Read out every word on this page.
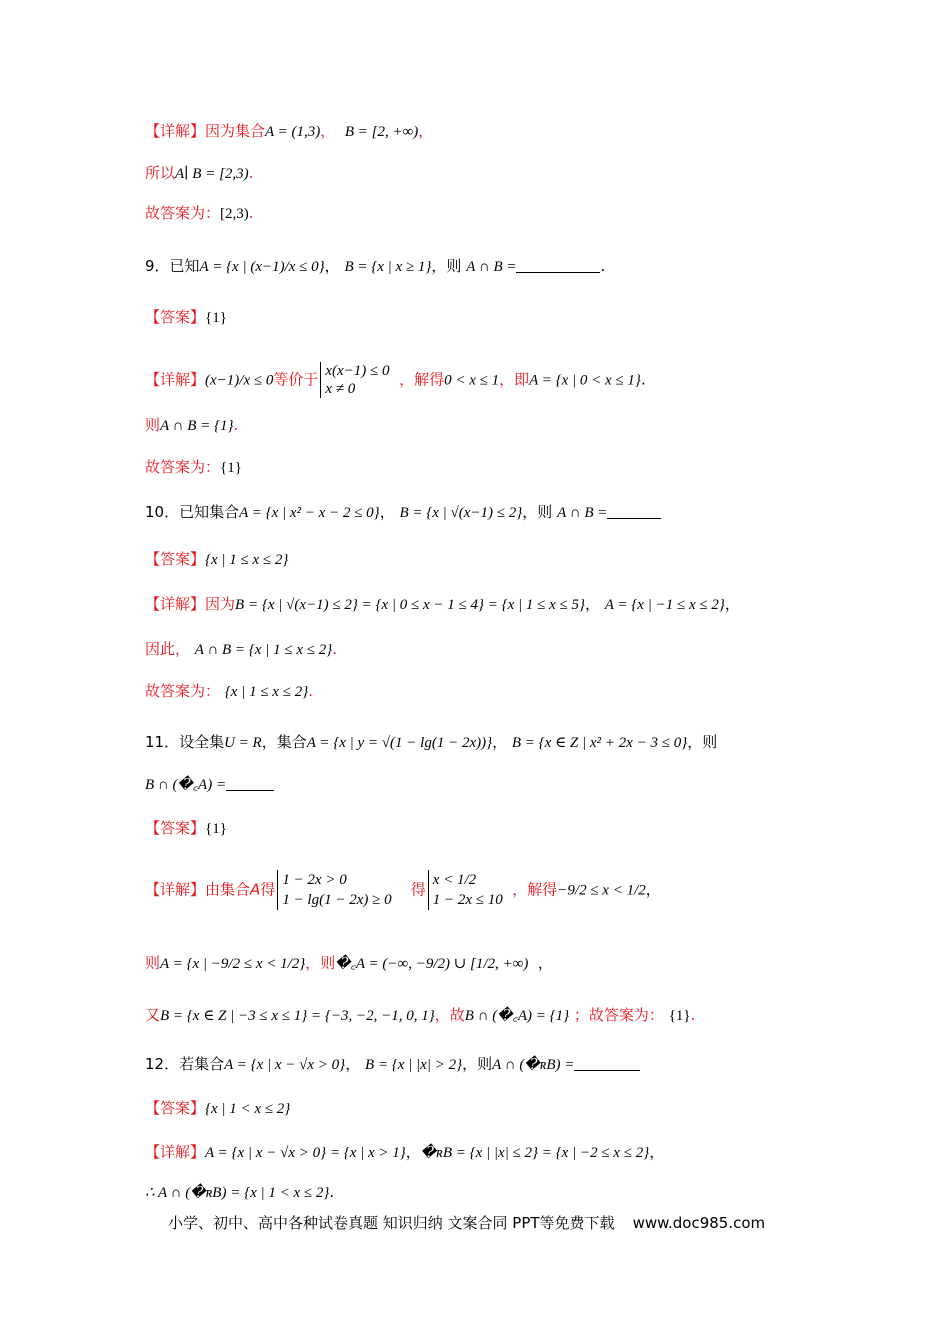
【详解】因为集合A = (1,3)， B = [2, +∞)，
所以A∣ B = [2,3).
故答案为：[2,3).
9．已知A = {x | (x−1)/x ≤ 0}， B = {x | x ≥ 1}，则 A ∩ B =	.
【答案】{1}
【详解】(x−1)/x ≤ 0等价于 x(x−1) ≤ 0
x ≠ 0  ，解得0 < x ≤ 1，即A = {x | 0 < x ≤ 1}.
则A ∩ B = {1}.
故答案为：{1}
10．已知集合A = {x | x² − x − 2 ≤ 0}， B = {x | √(x−1) ≤ 2}，则 A ∩ B =
【答案】{x | 1 ≤ x ≤ 2}
【详解】因为B = {x | √(x−1) ≤ 2} = {x | 0 ≤ x − 1 ≤ 4} = {x | 1 ≤ x ≤ 5}， A = {x | −1 ≤ x ≤ 2}，
因此， A ∩ B = {x | 1 ≤ x ≤ 2}.
故答案为： {x | 1 ≤ x ≤ 2}.
11．设全集U = R，集合A = {x | y = √(1 − lg(1 − 2x))}， B = {x ∈ Z | x² + 2x − 3 ≤ 0}，则
B ∩ (�꜀A) =
【答案】{1}
【详解】由集合A得1 − 2x > 0
1 − lg(1 − 2x) ≥ 0    得x < 1/2
1 − 2x ≤ 10  ，解得−9/2 ≤ x < 1/2，
则A = {x | −9/2 ≤ x < 1/2}，则�꜀A = (−∞, −9/2) ∪ [1/2, +∞) ，
又B = {x ∈ Z | −3 ≤ x ≤ 1} = {−3, −2, −1, 0, 1}，故B ∩ (�꜀A) = {1} ；故答案为： {1}.
12．若集合A = {x | x − √x > 0}， B = {x | |x| > 2}，则A ∩ (�ʀB) =
【答案】{x | 1 < x ≤ 2}
【详解】A = {x | x − √x > 0} = {x | x > 1}，�ʀB = {x | |x| ≤ 2} = {x | −2 ≤ x ≤ 2}，
∴ A ∩ (�ʀB) = {x | 1 < x ≤ 2}.
小学、初中、高中各种试卷真题 知识归纳 文案合同 PPT等免费下载 www.doc985.com
